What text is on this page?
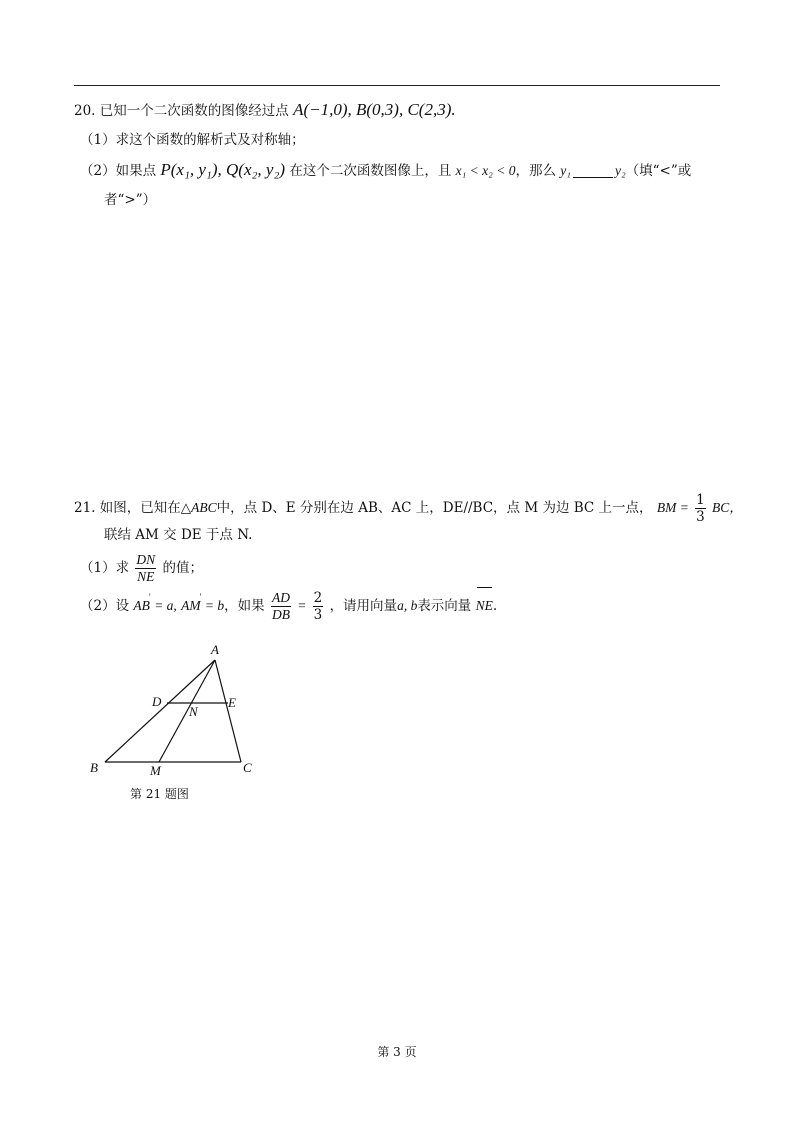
20. 已知一个二次函数的图像经过点 A(−1,0), B(0,3), C(2,3).
（1）求这个函数的解析式及对称轴；
（2）如果点 P(x₁, y₁), Q(x₂, y₂) 在这个二次函数图像上，且 x₁ < x₂ < 0，那么 y₁	y₂（填“<”或
者“>”）
21. 如图，已知在△ABC中，点 D、E 分别在边 AB、AC 上，DE//BC，点 M 为边 BC 上一点， BM = $\frac{1}{3}$ BC，
联结 AM 交 DE 于点 N.
（1）求 $\frac{DN}{NE}$ 的值；
（2）设 ′ AB = a, ′ AM = b，如果 $\frac{AD}{DB} = \frac{2}{3}$ ，请用向量a, b表示向量 NE.
A
D
N
E
B	M	C
第 21 题图
第 3 页
